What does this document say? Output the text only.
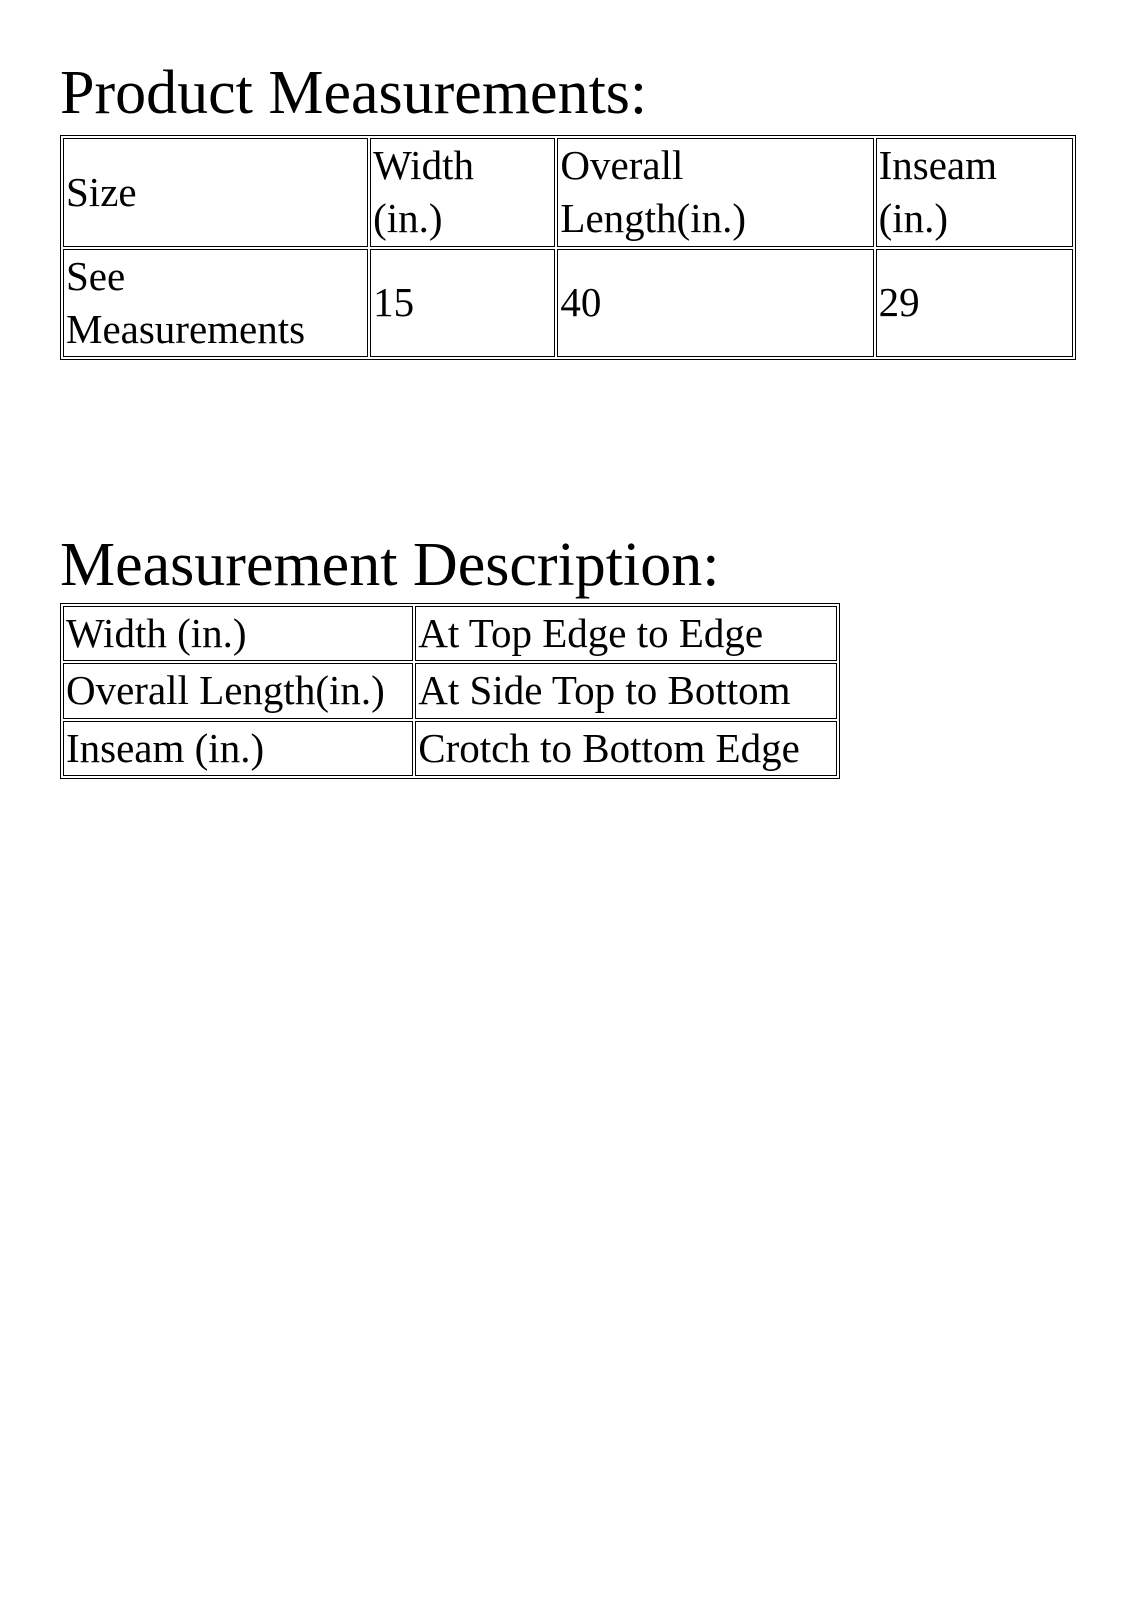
Product Measurements:
Size	Width (in.)	Overall Length(in.)	Inseam (in.)
See Measurements	15	40	29
Measurement Description:
Width (in.)	At Top Edge to Edge
Overall Length(in.)	At Side Top to Bottom
Inseam (in.)	Crotch to Bottom Edge
